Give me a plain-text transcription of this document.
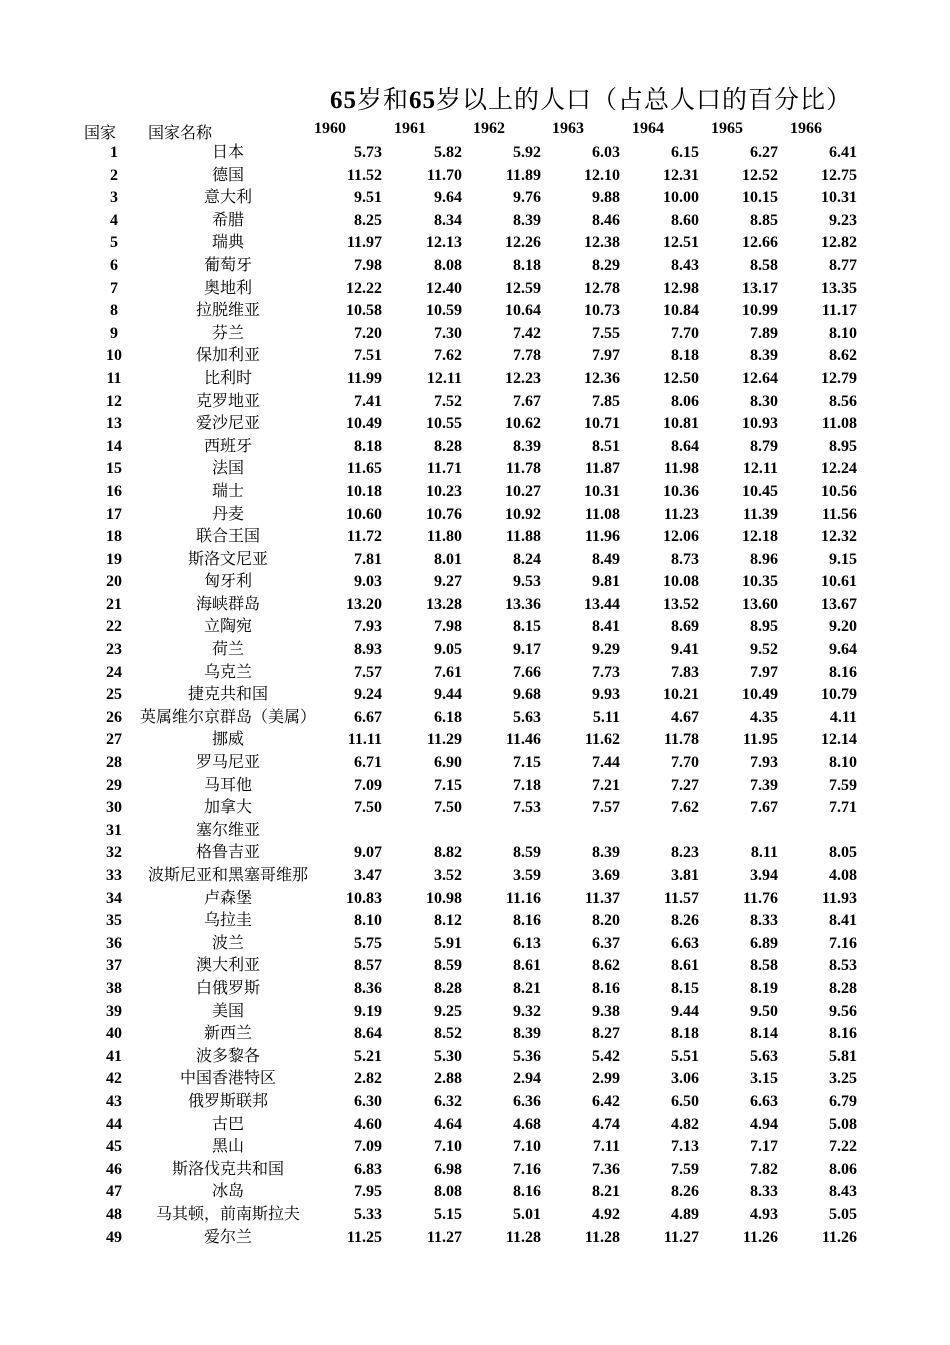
65岁和65岁以上的人口（占总人口的百分比）
国家 国家名称	1960	1961	1962	1963	1964	1965	1966
1	日本	5.73	5.82	5.92	6.03	6.15	6.27	6.41
2	德国	11.52	11.70	11.89	12.10	12.31	12.52	12.75
3	意大利	9.51	9.64	9.76	9.88	10.00	10.15	10.31
4	希腊	8.25	8.34	8.39	8.46	8.60	8.85	9.23
5	瑞典	11.97	12.13	12.26	12.38	12.51	12.66	12.82
6	葡萄牙	7.98	8.08	8.18	8.29	8.43	8.58	8.77
7	奥地利	12.22	12.40	12.59	12.78	12.98	13.17	13.35
8	拉脱维亚	10.58	10.59	10.64	10.73	10.84	10.99	11.17
9	芬兰	7.20	7.30	7.42	7.55	7.70	7.89	8.10
10	保加利亚	7.51	7.62	7.78	7.97	8.18	8.39	8.62
11	比利时	11.99	12.11	12.23	12.36	12.50	12.64	12.79
12	克罗地亚	7.41	7.52	7.67	7.85	8.06	8.30	8.56
13	爱沙尼亚	10.49	10.55	10.62	10.71	10.81	10.93	11.08
14	西班牙	8.18	8.28	8.39	8.51	8.64	8.79	8.95
15	法国	11.65	11.71	11.78	11.87	11.98	12.11	12.24
16	瑞士	10.18	10.23	10.27	10.31	10.36	10.45	10.56
17	丹麦	10.60	10.76	10.92	11.08	11.23	11.39	11.56
18	联合王国	11.72	11.80	11.88	11.96	12.06	12.18	12.32
19	斯洛文尼亚	7.81	8.01	8.24	8.49	8.73	8.96	9.15
20	匈牙利	9.03	9.27	9.53	9.81	10.08	10.35	10.61
21	海峡群岛	13.20	13.28	13.36	13.44	13.52	13.60	13.67
22	立陶宛	7.93	7.98	8.15	8.41	8.69	8.95	9.20
23	荷兰	8.93	9.05	9.17	9.29	9.41	9.52	9.64
24	乌克兰	7.57	7.61	7.66	7.73	7.83	7.97	8.16
25	捷克共和国	9.24	9.44	9.68	9.93	10.21	10.49	10.79
26	英属维尔京群岛（美属）	6.67	6.18	5.63	5.11	4.67	4.35	4.11
27	挪威	11.11	11.29	11.46	11.62	11.78	11.95	12.14
28	罗马尼亚	6.71	6.90	7.15	7.44	7.70	7.93	8.10
29	马耳他	7.09	7.15	7.18	7.21	7.27	7.39	7.59
30	加拿大	7.50	7.50	7.53	7.57	7.62	7.67	7.71
31	塞尔维亚
32	格鲁吉亚	9.07	8.82	8.59	8.39	8.23	8.11	8.05
33	波斯尼亚和黑塞哥维那	3.47	3.52	3.59	3.69	3.81	3.94	4.08
34	卢森堡	10.83	10.98	11.16	11.37	11.57	11.76	11.93
35	乌拉圭	8.10	8.12	8.16	8.20	8.26	8.33	8.41
36	波兰	5.75	5.91	6.13	6.37	6.63	6.89	7.16
37	澳大利亚	8.57	8.59	8.61	8.62	8.61	8.58	8.53
38	白俄罗斯	8.36	8.28	8.21	8.16	8.15	8.19	8.28
39	美国	9.19	9.25	9.32	9.38	9.44	9.50	9.56
40	新西兰	8.64	8.52	8.39	8.27	8.18	8.14	8.16
41	波多黎各	5.21	5.30	5.36	5.42	5.51	5.63	5.81
42	中国香港特区	2.82	2.88	2.94	2.99	3.06	3.15	3.25
43	俄罗斯联邦	6.30	6.32	6.36	6.42	6.50	6.63	6.79
44	古巴	4.60	4.64	4.68	4.74	4.82	4.94	5.08
45	黑山	7.09	7.10	7.10	7.11	7.13	7.17	7.22
46	斯洛伐克共和国	6.83	6.98	7.16	7.36	7.59	7.82	8.06
47	冰岛	7.95	8.08	8.16	8.21	8.26	8.33	8.43
48	马其顿，前南斯拉夫	5.33	5.15	5.01	4.92	4.89	4.93	5.05
49	爱尔兰	11.25	11.27	11.28	11.28	11.27	11.26	11.26
